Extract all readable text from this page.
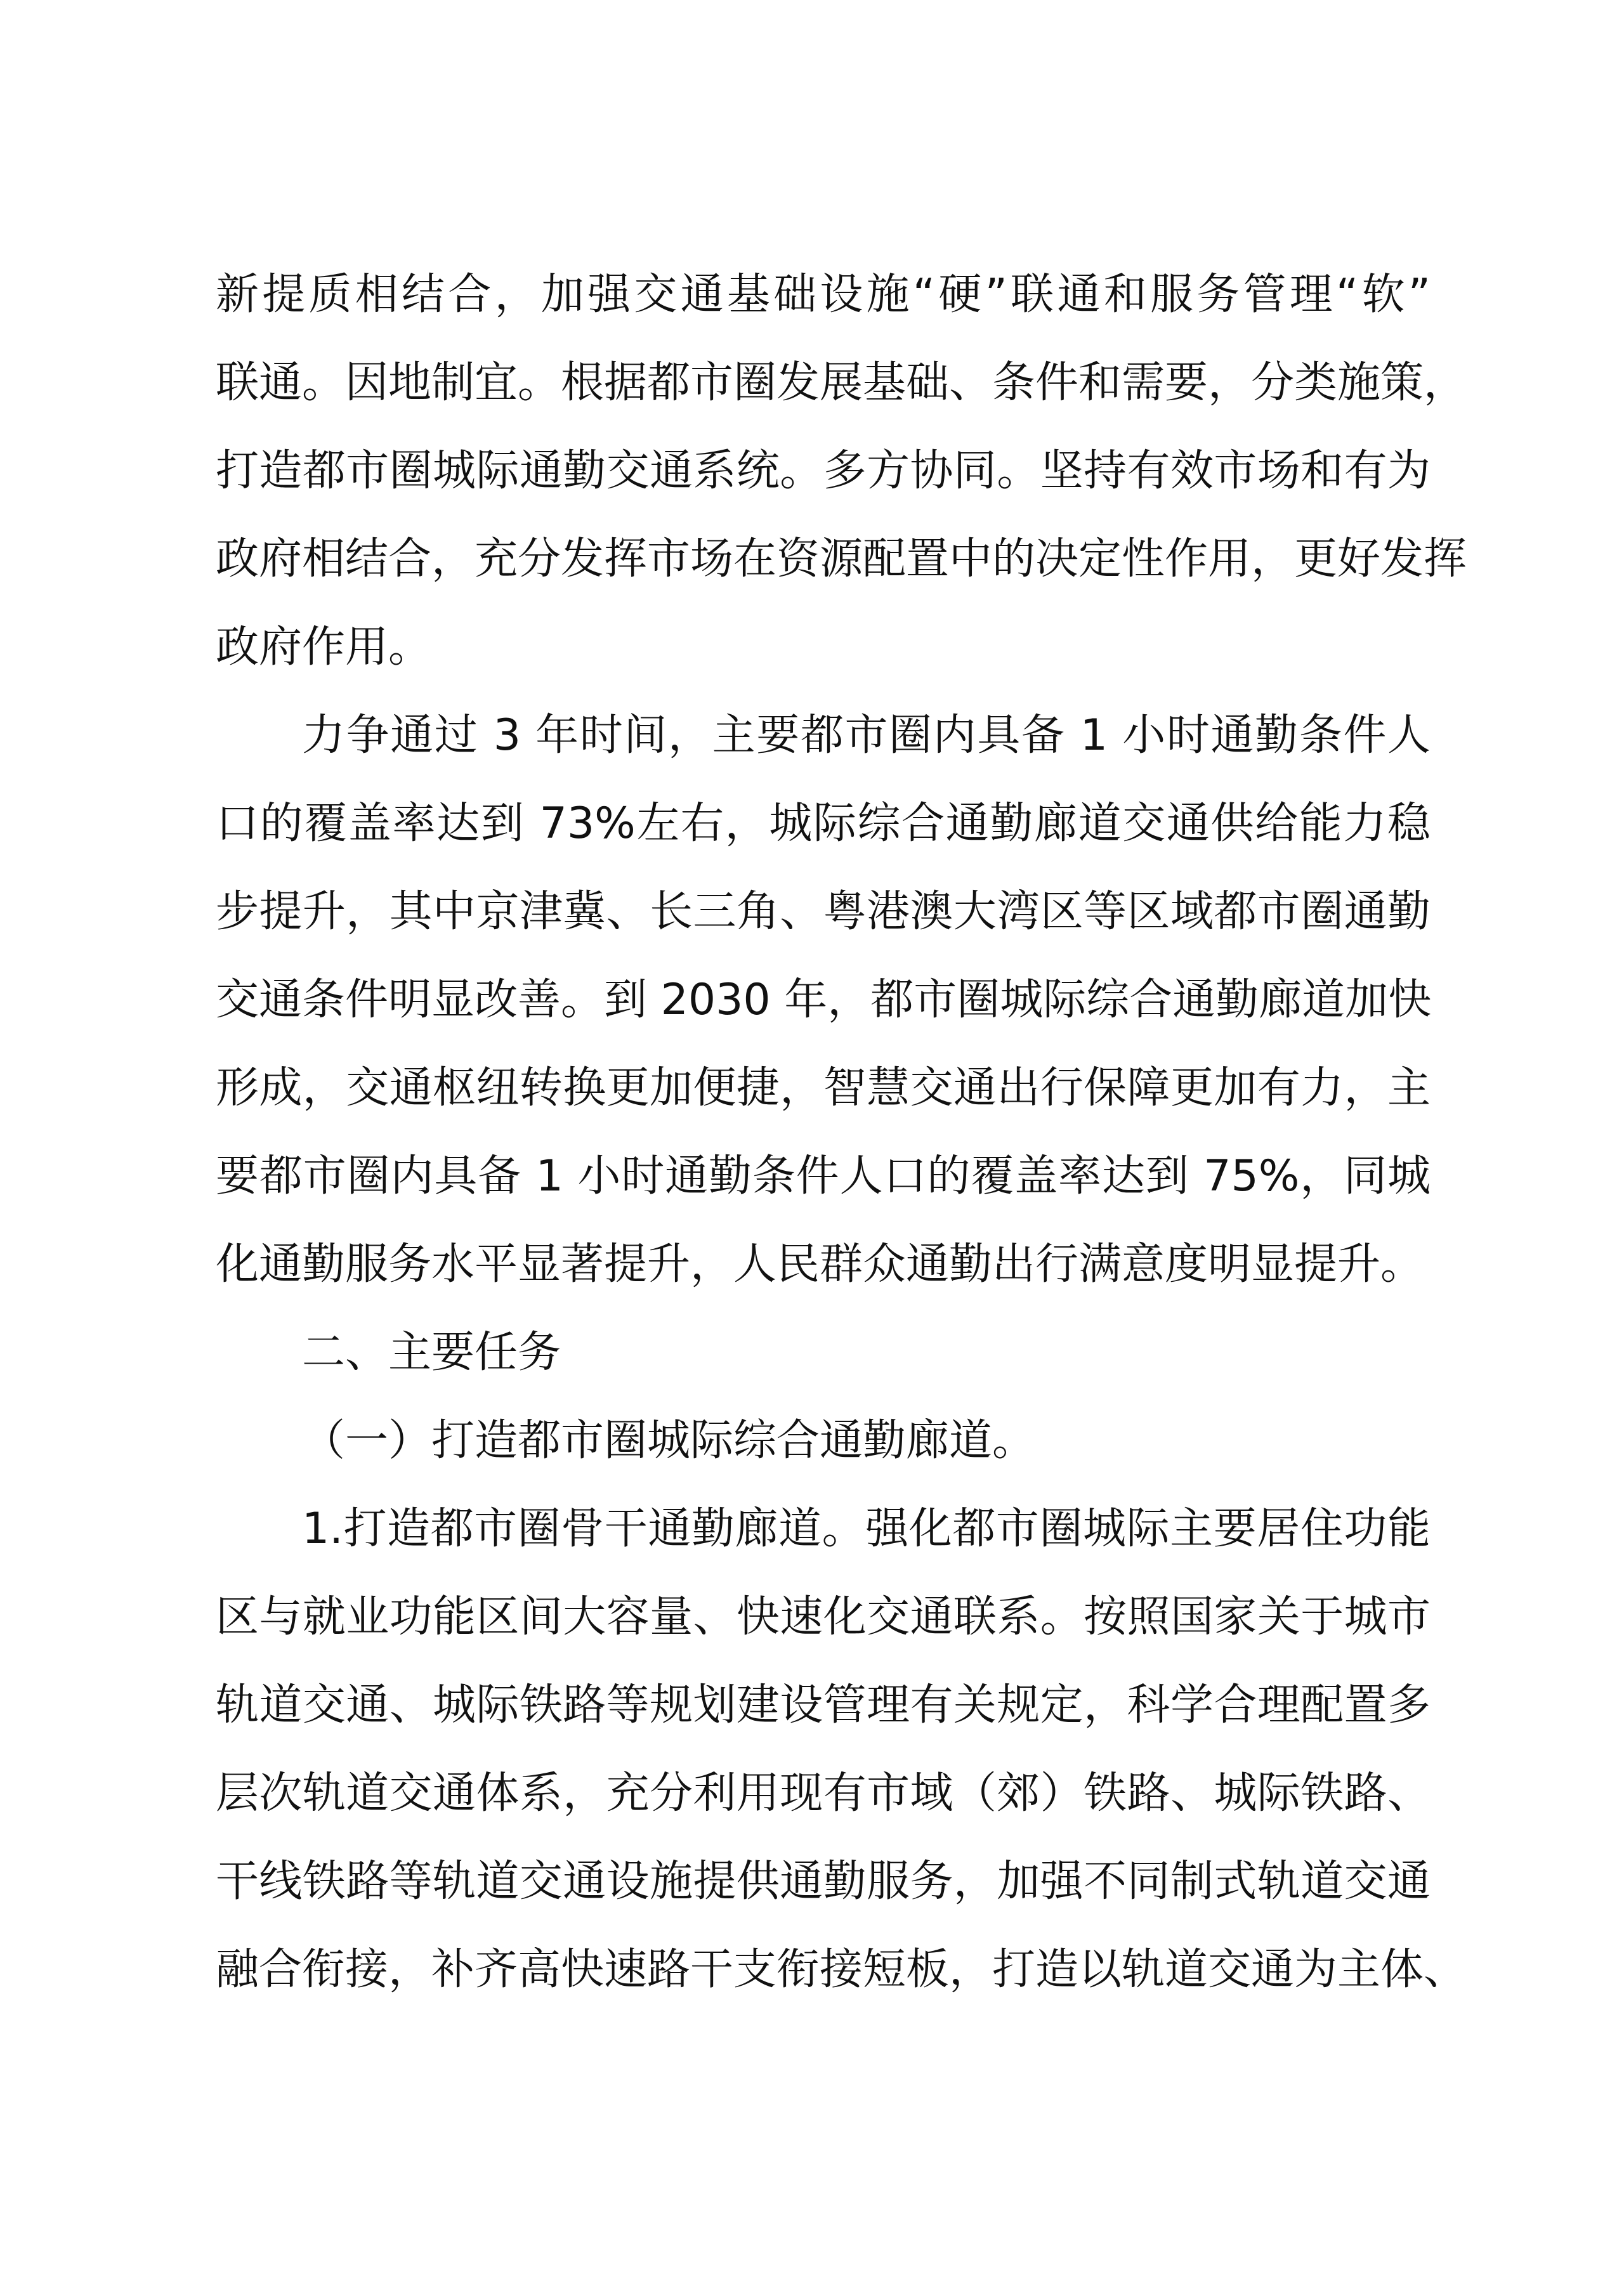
新提质相结合，加强交通基础设施“硬”联通和服务管理“软”
联通。因地制宜。根据都市圈发展基础、条件和需要，分类施策，
打造都市圈城际通勤交通系统。多方协同。坚持有效市场和有为
政府相结合，充分发挥市场在资源配置中的决定性作用，更好发挥
政府作用。
力争通过 3 年时间，主要都市圈内具备 1 小时通勤条件人
口的覆盖率达到 73%左右，城际综合通勤廊道交通供给能力稳
步提升，其中京津冀、长三角、粤港澳大湾区等区域都市圈通勤
交通条件明显改善。到 2030 年，都市圈城际综合通勤廊道加快
形成，交通枢纽转换更加便捷，智慧交通出行保障更加有力，主
要都市圈内具备 1 小时通勤条件人口的覆盖率达到 75%，同城
化通勤服务水平显著提升，人民群众通勤出行满意度明显提升。
二、主要任务
（一）打造都市圈城际综合通勤廊道。
1.打造都市圈骨干通勤廊道。强化都市圈城际主要居住功能
区与就业功能区间大容量、快速化交通联系。按照国家关于城市
轨道交通、城际铁路等规划建设管理有关规定，科学合理配置多
层次轨道交通体系，充分利用现有市域（郊）铁路、城际铁路、
干线铁路等轨道交通设施提供通勤服务，加强不同制式轨道交通
融合衔接，补齐高快速路干支衔接短板，打造以轨道交通为主体、
